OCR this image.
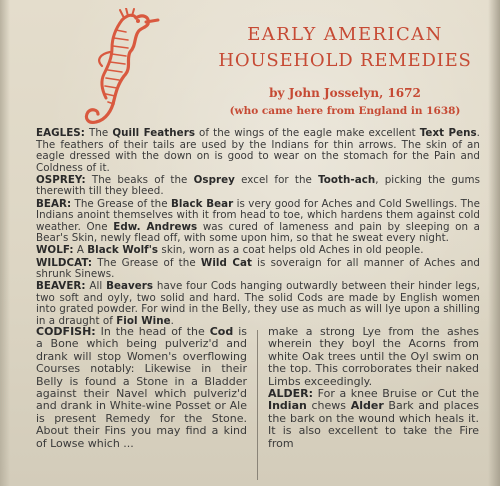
EARLY AMERICAN
HOUSEHOLD REMEDIES
by John Josselyn, 1672
(who came here from England in 1638)

EAGLES: The Quill Feathers of the wings of the eagle make excellent Text Pens. The feathers of their tails are used by the Indians for thin arrows. The skin of an eagle dressed with the down on is good to wear on the stomach for the Pain and Coldness of it.

OSPREY: The beaks of the Osprey excel for the Tooth-ach, picking the gums therewith till they bleed.

BEAR: The Grease of the Black Bear is very good for Aches and Cold Swellings. The Indians anoint themselves with it from head to toe, which hardens them against cold weather. One Edw. Andrews was cured of lameness and pain by sleeping on a Bear's Skin, newly flead off, with some upon him, so that he sweat every night.

WOLF: A Black Wolf's skin, worn as a coat helps old Aches in old people.

WILDCAT: The Grease of the Wild Cat is soveraign for all manner of Aches and shrunk Sinews.

BEAVER: All Beavers have four Cods hanging outwardly between their hinder legs, two soft and oyly, two solid and hard. The solid Cods are made by English women into grated powder. For wind in the Belly, they use as much as will lye upon a shilling in a draught of Fiol Wine.

CODFISH: In the head of the Cod is a Bone which being pulveriz'd and drank will stop Women's overflowing Courses notably: Likewise in their Belly is found a Stone in a Bladder against their Navel which pulveriz'd and drank in White-wine Posset or Ale is present Remedy for the Stone. About their Fins you may find a kind of Lowse which ...
make a strong Lye from the ashes wherein they boyl the Acorns from white Oak trees until the Oyl swim on the top. This corroborates their naked Limbs exceedingly.
ALDER: For a knee Bruise or Cut the Indian chews Alder Bark and places the bark on the wound which heals it. It is also excellent to take the Fire from
